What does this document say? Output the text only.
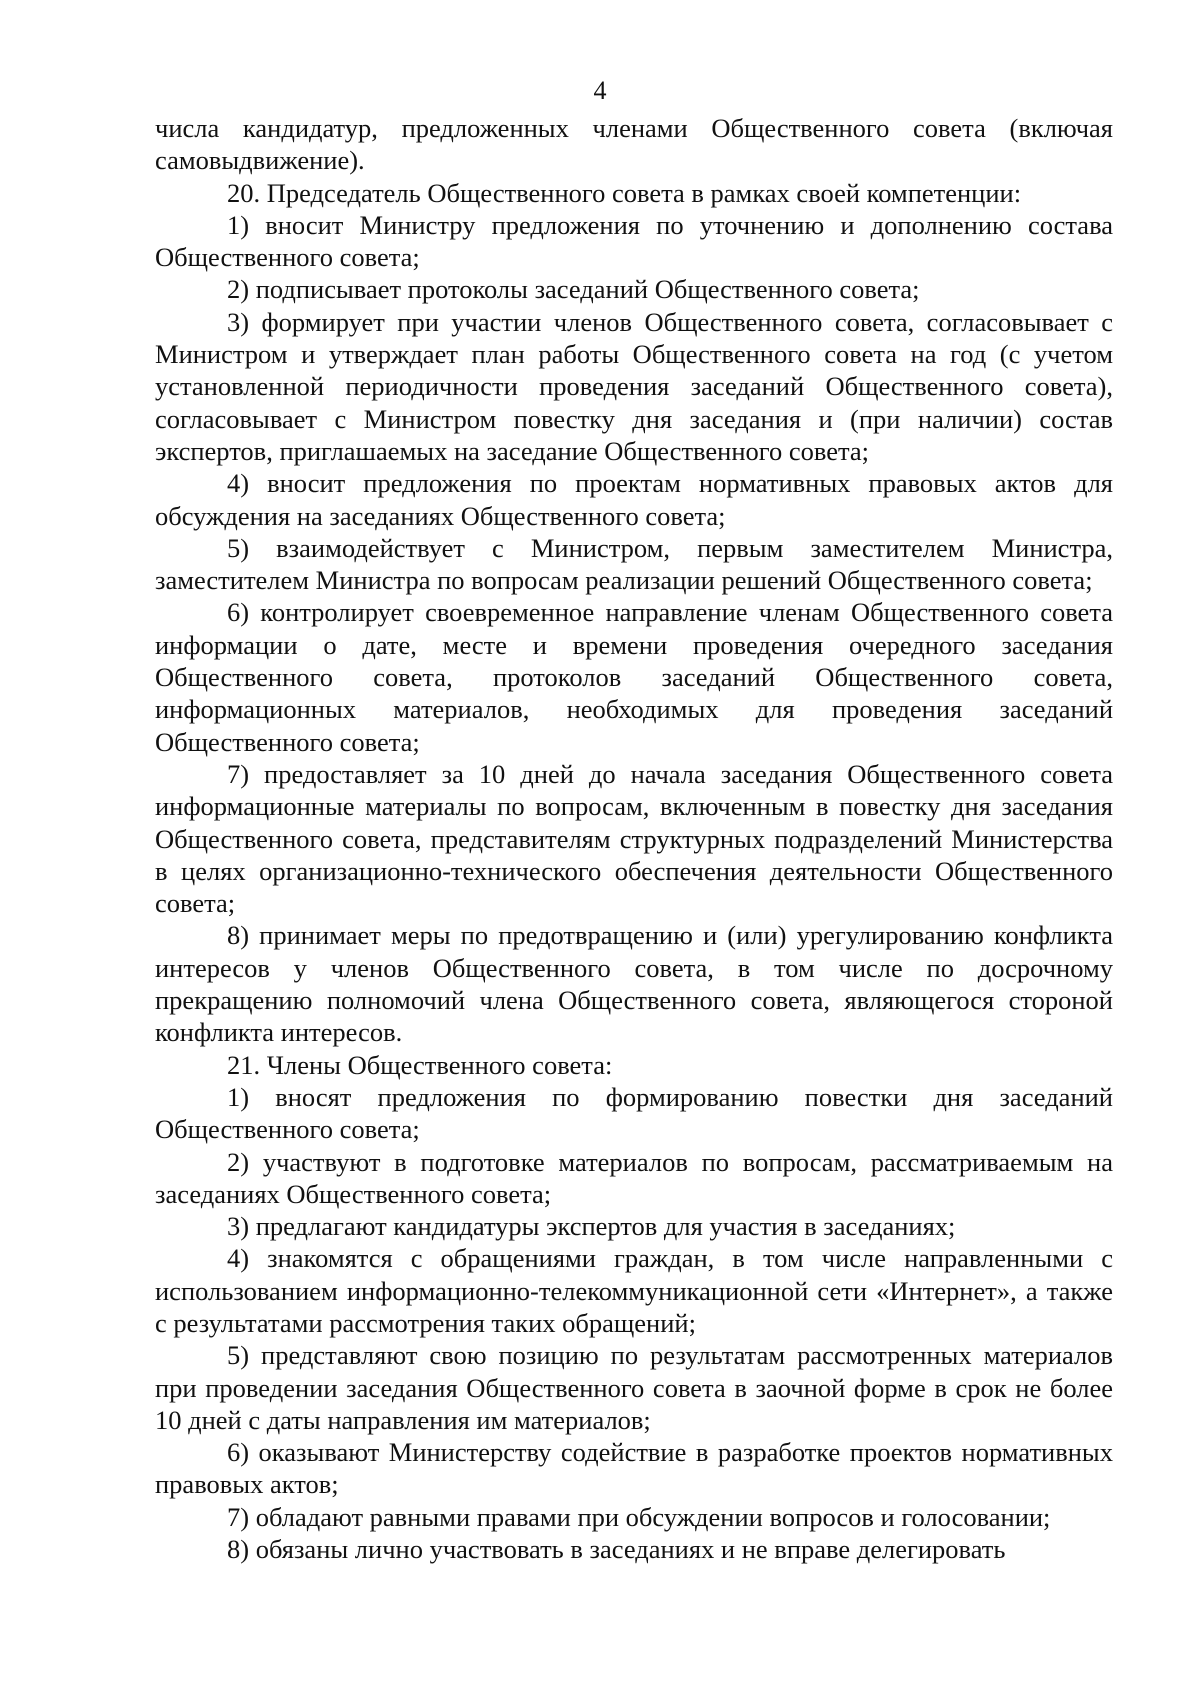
4

числа кандидатур, предложенных членами Общественного совета (включая самовыдвижение).

20. Председатель Общественного совета в рамках своей компетенции:

1) вносит Министру предложения по уточнению и дополнению состава Общественного совета;

2) подписывает протоколы заседаний Общественного совета;

3) формирует при участии членов Общественного совета, согласовывает с Министром и утверждает план работы Общественного совета на год (с учетом установленной периодичности проведения заседаний Общественного совета), согласовывает с Министром повестку дня заседания и (при наличии) состав экспертов, приглашаемых на заседание Общественного совета;

4) вносит предложения по проектам нормативных правовых актов для обсуждения на заседаниях Общественного совета;

5) взаимодействует с Министром, первым заместителем Министра, заместителем Министра по вопросам реализации решений Общественного совета;

6) контролирует своевременное направление членам Общественного совета информации о дате, месте и времени проведения очередного заседания Общественного совета, протоколов заседаний Общественного совета, информационных материалов, необходимых для проведения заседаний Общественного совета;

7) предоставляет за 10 дней до начала заседания Общественного совета информационные материалы по вопросам, включенным в повестку дня заседания Общественного совета, представителям структурных подразделений Министерства в целях организационно-технического обеспечения деятельности Общественного совета;

8) принимает меры по предотвращению и (или) урегулированию конфликта интересов у членов Общественного совета, в том числе по досрочному прекращению полномочий члена Общественного совета, являющегося стороной конфликта интересов.

21. Члены Общественного совета:

1) вносят предложения по формированию повестки дня заседаний Общественного совета;

2) участвуют в подготовке материалов по вопросам, рассматриваемым на заседаниях Общественного совета;

3) предлагают кандидатуры экспертов для участия в заседаниях;

4) знакомятся с обращениями граждан, в том числе направленными с использованием информационно-телекоммуникационной сети «Интернет», а также с результатами рассмотрения таких обращений;

5) представляют свою позицию по результатам рассмотренных материалов при проведении заседания Общественного совета в заочной форме в срок не более 10 дней с даты направления им материалов;

6) оказывают Министерству содействие в разработке проектов нормативных правовых актов;

7) обладают равными правами при обсуждении вопросов и голосовании;

8) обязаны лично участвовать в заседаниях и не вправе делегировать
